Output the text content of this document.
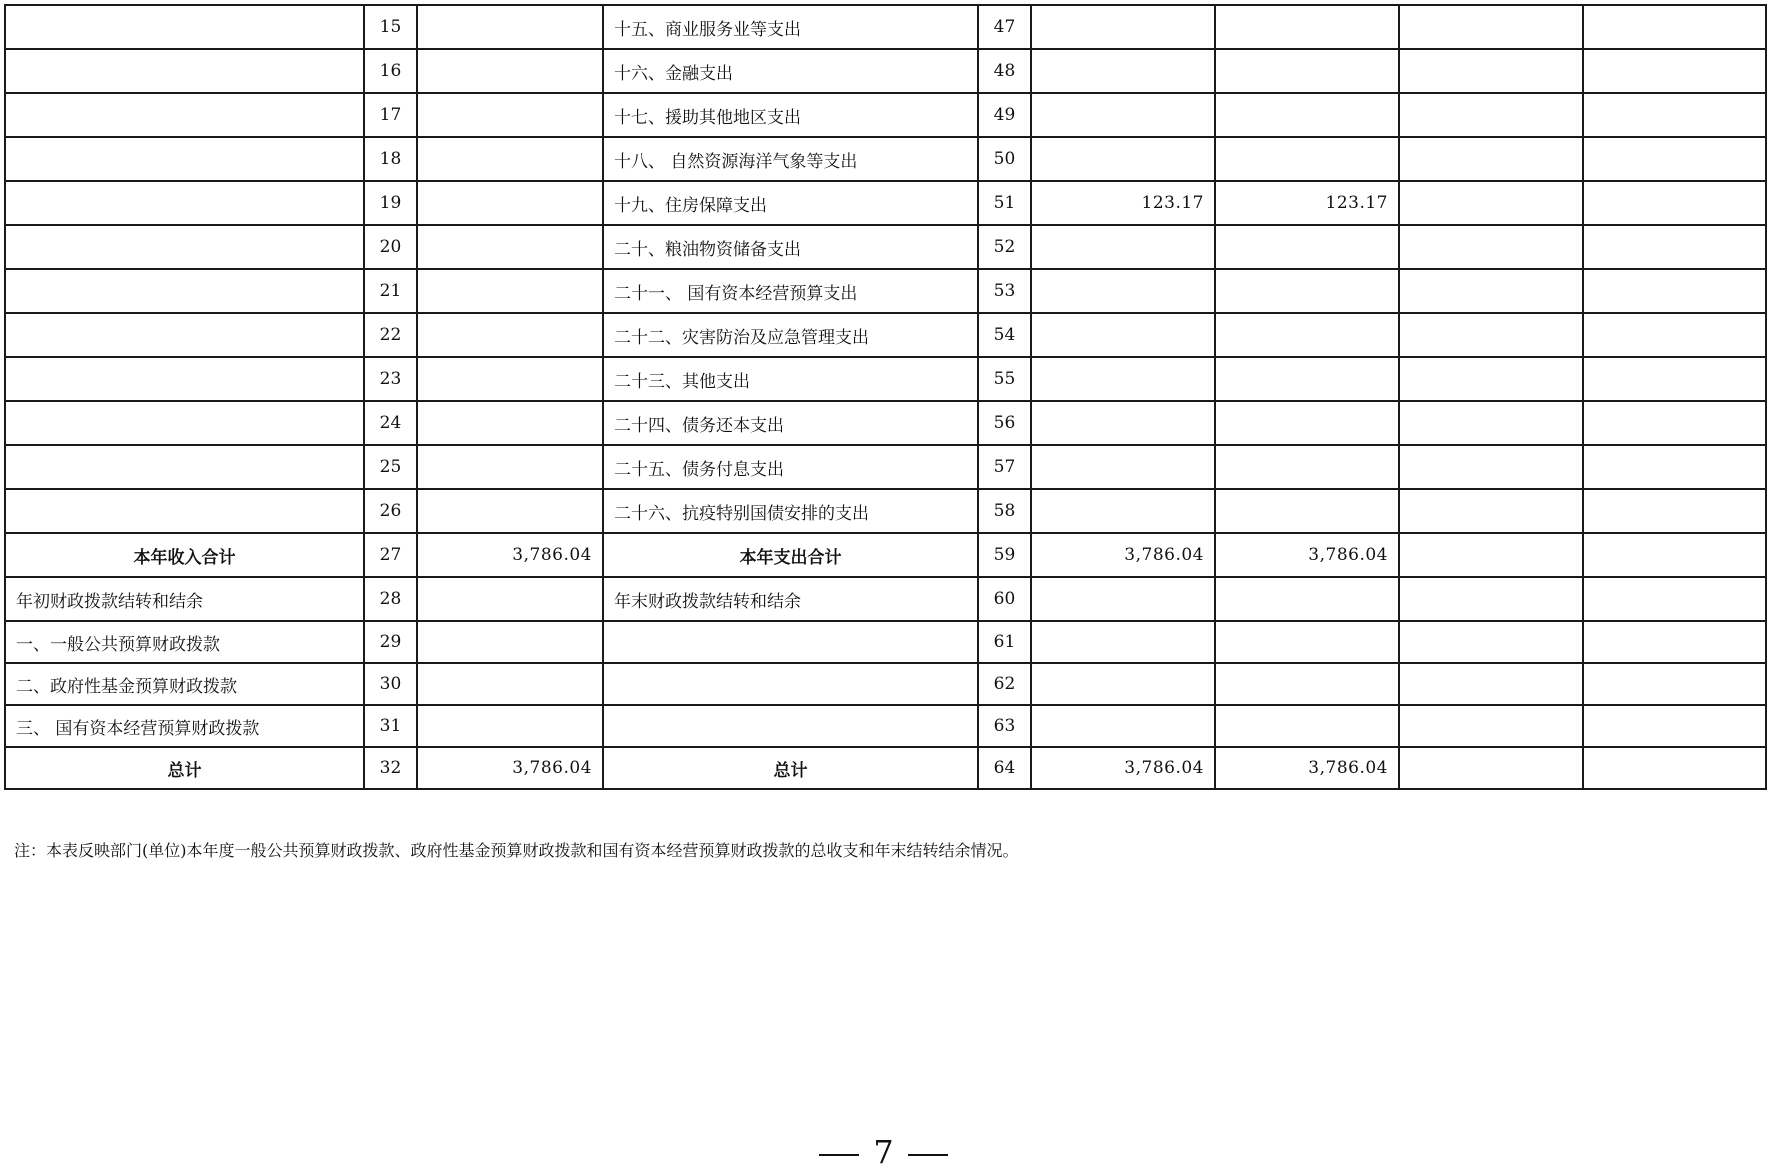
	15		十五、商业服务业等支出	47				
	16		十六、金融支出	48				
	17		十七、援助其他地区支出	49				
	18		十八、 自然资源海洋气象等支出	50				
	19		十九、住房保障支出	51	123.17	123.17		
	20		二十、粮油物资储备支出	52				
	21		二十一、 国有资本经营预算支出	53				
	22		二十二、灾害防治及应急管理支出	54				
	23		二十三、其他支出	55				
	24		二十四、债务还本支出	56				
	25		二十五、债务付息支出	57				
	26		二十六、抗疫特别国债安排的支出	58				
本年收入合计	27	3,786.04	本年支出合计	59	3,786.04	3,786.04		
年初财政拨款结转和结余	28		年末财政拨款结转和结余	60				
一、一般公共预算财政拨款	29			61				
二、政府性基金预算财政拨款	30			62				
三、 国有资本经营预算财政拨款	31			63				
总计	32	3,786.04	总计	64	3,786.04	3,786.04		
注：本表反映部门(单位)本年度一般公共预算财政拨款、政府性基金预算财政拨款和国有资本经营预算财政拨款的总收支和年末结转结余情况。
7
